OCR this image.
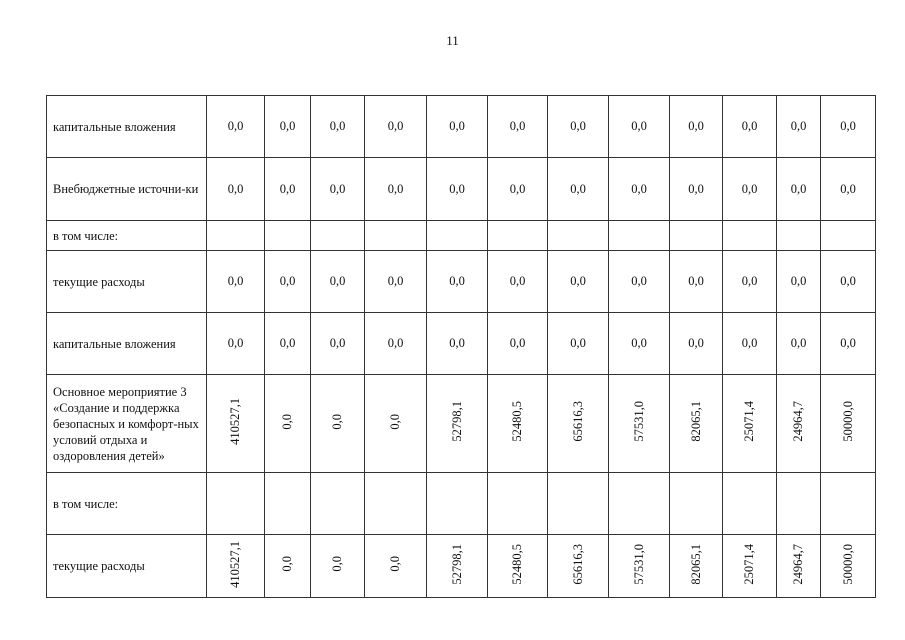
11
капитальные вложения	0,0	0,0	0,0	0,0	0,0	0,0	0,0	0,0	0,0	0,0	0,0	0,0
Внебюджетные источни-ки	0,0	0,0	0,0	0,0	0,0	0,0	0,0	0,0	0,0	0,0	0,0	0,0
в том числе:												
текущие расходы	0,0	0,0	0,0	0,0	0,0	0,0	0,0	0,0	0,0	0,0	0,0	0,0
капитальные вложения	0,0	0,0	0,0	0,0	0,0	0,0	0,0	0,0	0,0	0,0	0,0	0,0
Основное мероприятие 3 «Создание и поддержка безопасных и комфорт-ных условий отдыха и оздоровления детей»	410527,1	0,0	0,0	0,0	52798,1	52480,5	65616,3	57531,0	82065,1	25071,4	24964,7	50000,0
в том числе:												
текущие расходы	410527,1	0,0	0,0	0,0	52798,1	52480,5	65616,3	57531,0	82065,1	25071,4	24964,7	50000,0
